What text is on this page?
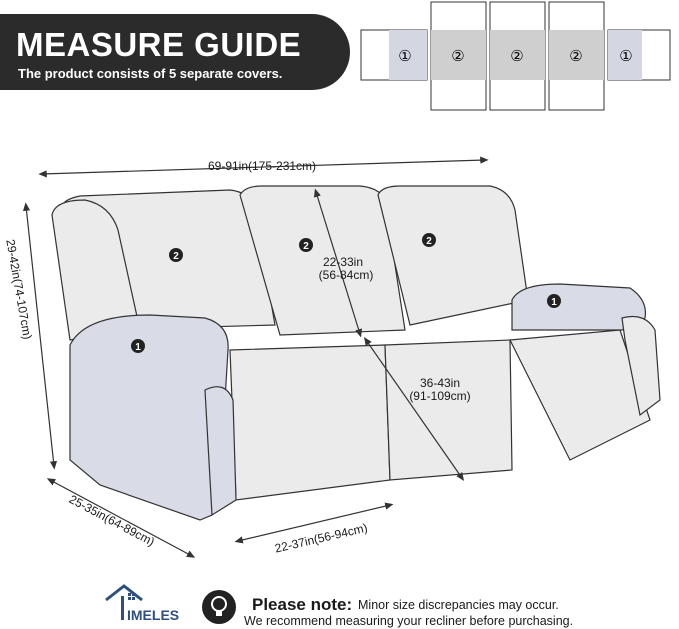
MEASURE GUIDE
The product consists of 5 separate covers.
①	②	②	② ①
69-91in(175-231cm)
29-42in(74-107cm)
25-35in(64-89cm)	22-37in(56-94cm)
22-33in
(56-84cm)
36-43in
(91-109cm)
2
2	2
1
1
IMELES
Please note: Minor size discrepancies may occur.
We recommend measuring your recliner before purchasing.
